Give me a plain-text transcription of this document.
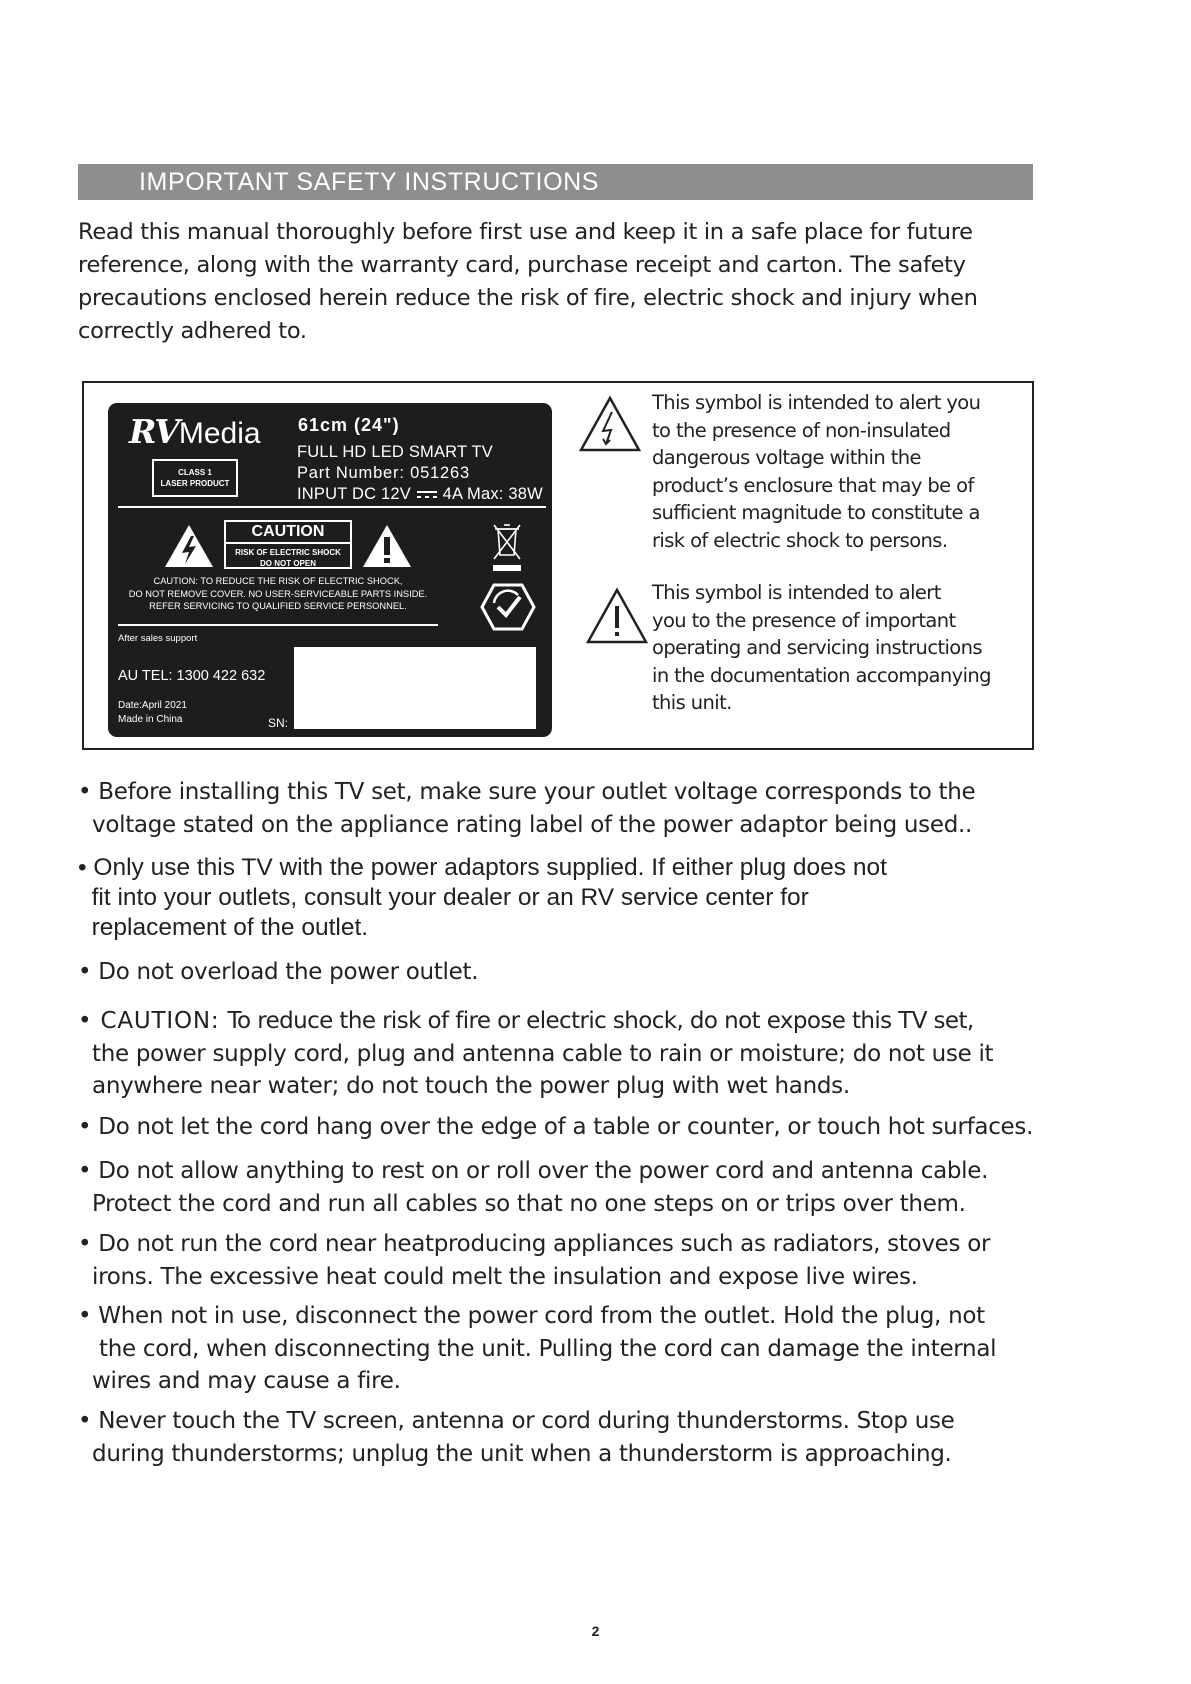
IMPORTANT SAFETY INSTRUCTIONS
Read this manual thoroughly before first use and keep it in a safe place for future
reference, along with the warranty card, purchase receipt and carton. The safety
precautions enclosed herein reduce the risk of fire, electric shock and injury when
correctly adhered to.
RVMedia
CLASS 1
LASER PRODUCT
61cm (24")
FULL HD LED SMART TV
Part Number: 051263
INPUT DC 12V 4A Max: 38W
CAUTION
RISK OF ELECTRIC SHOCK
DO NOT OPEN
CAUTION: TO REDUCE THE RISK OF ELECTRIC SHOCK,
DO NOT REMOVE COVER. NO USER-SERVICEABLE PARTS INSIDE.
REFER SERVICING TO QUALIFIED SERVICE PERSONNEL.
After sales support
AU TEL: 1300 422 632
Date:April 2021
Made in China	SN:
This symbol is intended to alert you
to the presence of non-insulated
dangerous voltage within the
product’s enclosure that may be of
sufficient magnitude to constitute a
risk of electric shock to persons.
This symbol is intended to alert
you to the presence of important
operating and servicing instructions
in the documentation accompanying
this unit.
• Before installing this TV set, make sure your outlet voltage corresponds to the
voltage stated on the appliance rating label of the power adaptor being used..
• Only use this TV with the power adaptors supplied. If either plug does not
fit into your outlets, consult your dealer or an RV service center for
replacement of the outlet.
• Do not overload the power outlet.
• CAUTION: To reduce the risk of fire or electric shock, do not expose this TV set,
the power supply cord, plug and antenna cable to rain or moisture; do not use it
anywhere near water; do not touch the power plug with wet hands.
• Do not let the cord hang over the edge of a table or counter, or touch hot surfaces.
• Do not allow anything to rest on or roll over the power cord and antenna cable.
Protect the cord and run all cables so that no one steps on or trips over them.
• Do not run the cord near heatproducing appliances such as radiators, stoves or
irons. The excessive heat could melt the insulation and expose live wires.
• When not in use, disconnect the power cord from the outlet. Hold the plug, not
the cord, when disconnecting the unit. Pulling the cord can damage the internal
wires and may cause a fire.
• Never touch the TV screen, antenna or cord during thunderstorms. Stop use
during thunderstorms; unplug the unit when a thunderstorm is approaching.
2
